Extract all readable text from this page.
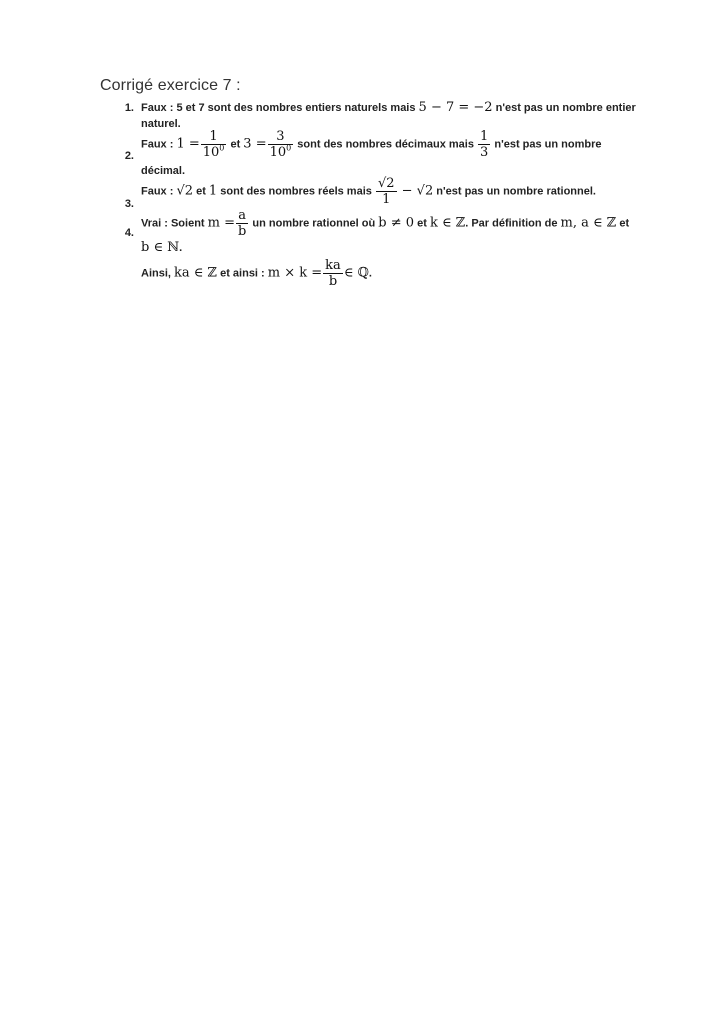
Corrigé exercice 7 :
1. Faux : 5 et 7 sont des nombres entiers naturels mais 5 − 7 = −2 n'est pas un nombre entier
naturel.
2.
Faux : $1 = \frac{1}{10^0}$ et $3 = \frac{3}{10^0}$ sont des nombres décimaux mais $\frac{1}{3} n'est$ pas un nombre
décimal.
3.
Faux : √2 et 1 sont des nombres réels mais $\frac{√2}{1} - √2$ n'est pas un nombre rationnel.
4.
Vrai : Soient $m = \frac{a}{b}$ un nombre rationnel où b ≠ 0 et k ∈ ℤ. Par définition de m, a ∈ ℤ et
b ∈ ℕ.
Ainsi, ka ∈ ℤ et ainsi : $m \times k = \frac{ka}{b}$ ∈ ℚ.
